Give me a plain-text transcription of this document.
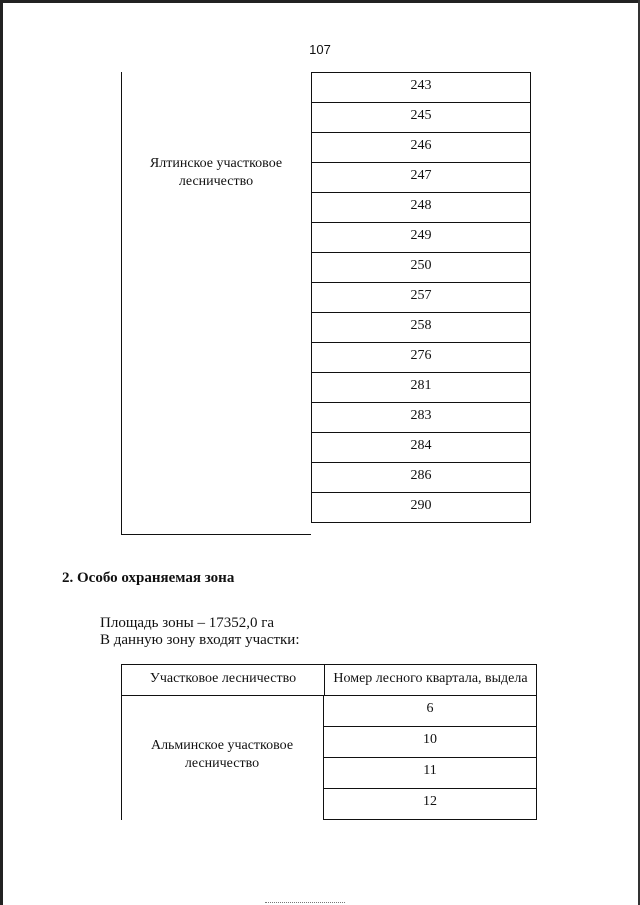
107
Ялтинское участковое лесничество
243
245
246
247
248
249
250
257
258
276
281
283
284
286
290
2. Особо охраняемая зона
Площадь зоны – 17352,0 га
В данную зону входят участки:
Участковое лесничество	Номер лесного квартала, выдела
Альминское участковое лесничество
6
10
11
12
